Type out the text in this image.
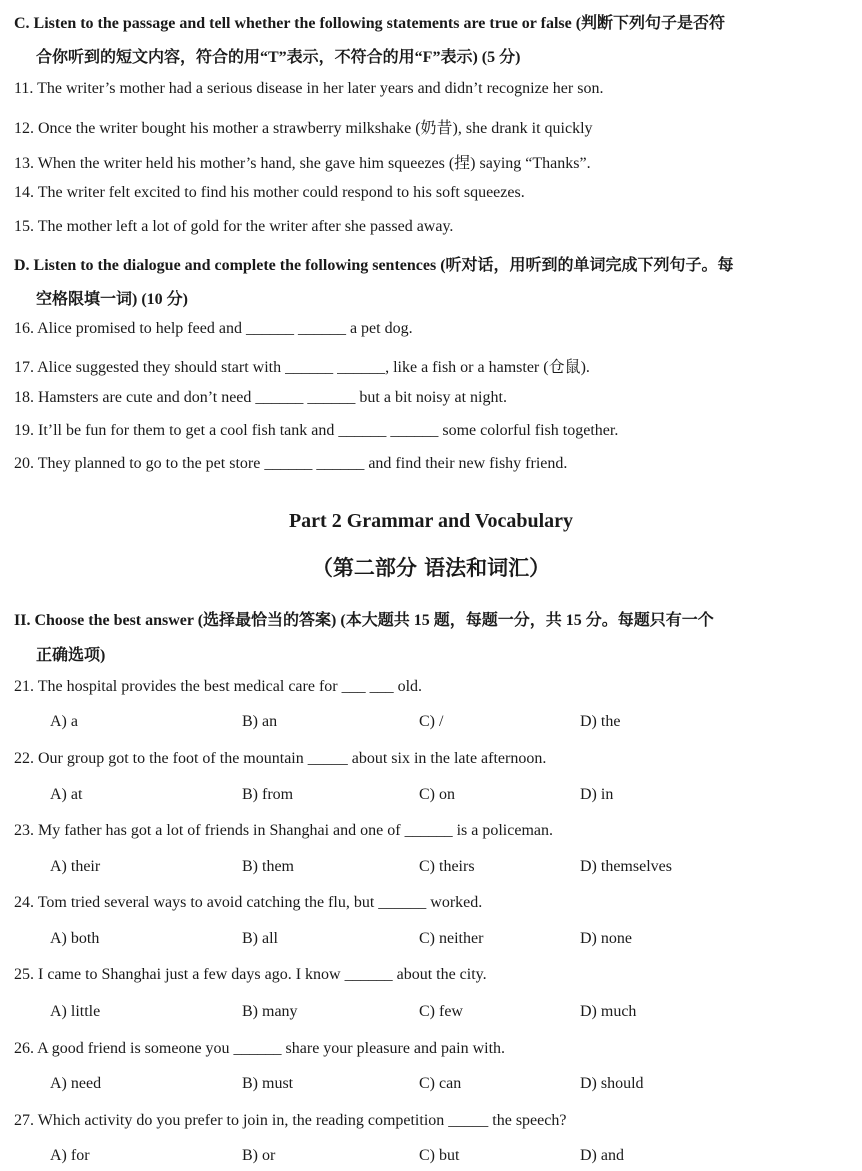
C. Listen to the passage and tell whether the following statements are true or false (判断下列句子是否符
合你听到的短文内容，符合的用“T”表示，不符合的用“F”表示) (5 分)
11. The writer’s mother had a serious disease in her later years and didn’t recognize her son.
12. Once the writer bought his mother a strawberry milkshake (奶昔), she drank it quickly
13. When the writer held his mother’s hand, she gave him squeezes (捏) saying “Thanks”.
14. The writer felt excited to find his mother could respond to his soft squeezes.
15. The mother left a lot of gold for the writer after she passed away.
D. Listen to the dialogue and complete the following sentences (听对话，用听到的单词完成下列句子。每
空格限填一词) (10 分)
16. Alice promised to help feed and ______ ______ a pet dog.
17. Alice suggested they should start with ______ ______, like a fish or a hamster (仓鼠).
18. Hamsters are cute and don’t need ______ ______ but a bit noisy at night.
19. It’ll be fun for them to get a cool fish tank and ______ ______ some colorful fish together.
20. They planned to go to the pet store ______ ______ and find their new fishy friend.
Part 2 Grammar and Vocabulary
（第二部分 语法和词汇）
II. Choose the best answer (选择最恰当的答案) (本大题共 15 题，每题一分，共 15 分。每题只有一个
正确选项)
21. The hospital provides the best medical care for ___ ___ old.
A) a	B) an	C) /	D) the
22. Our group got to the foot of the mountain _____ about six in the late afternoon.
A) at	B) from	C) on	D) in
23. My father has got a lot of friends in Shanghai and one of ______ is a policeman.
A) their	B) them	C) theirs	D) themselves
24. Tom tried several ways to avoid catching the flu, but ______ worked.
A) both	B) all	C) neither	D) none
25. I came to Shanghai just a few days ago. I know ______ about the city.
A) little	B) many	C) few	D) much
26. A good friend is someone you ______ share your pleasure and pain with.
A) need	B) must	C) can	D) should
27. Which activity do you prefer to join in, the reading competition _____ the speech?
A) for	B) or	C) but	D) and
